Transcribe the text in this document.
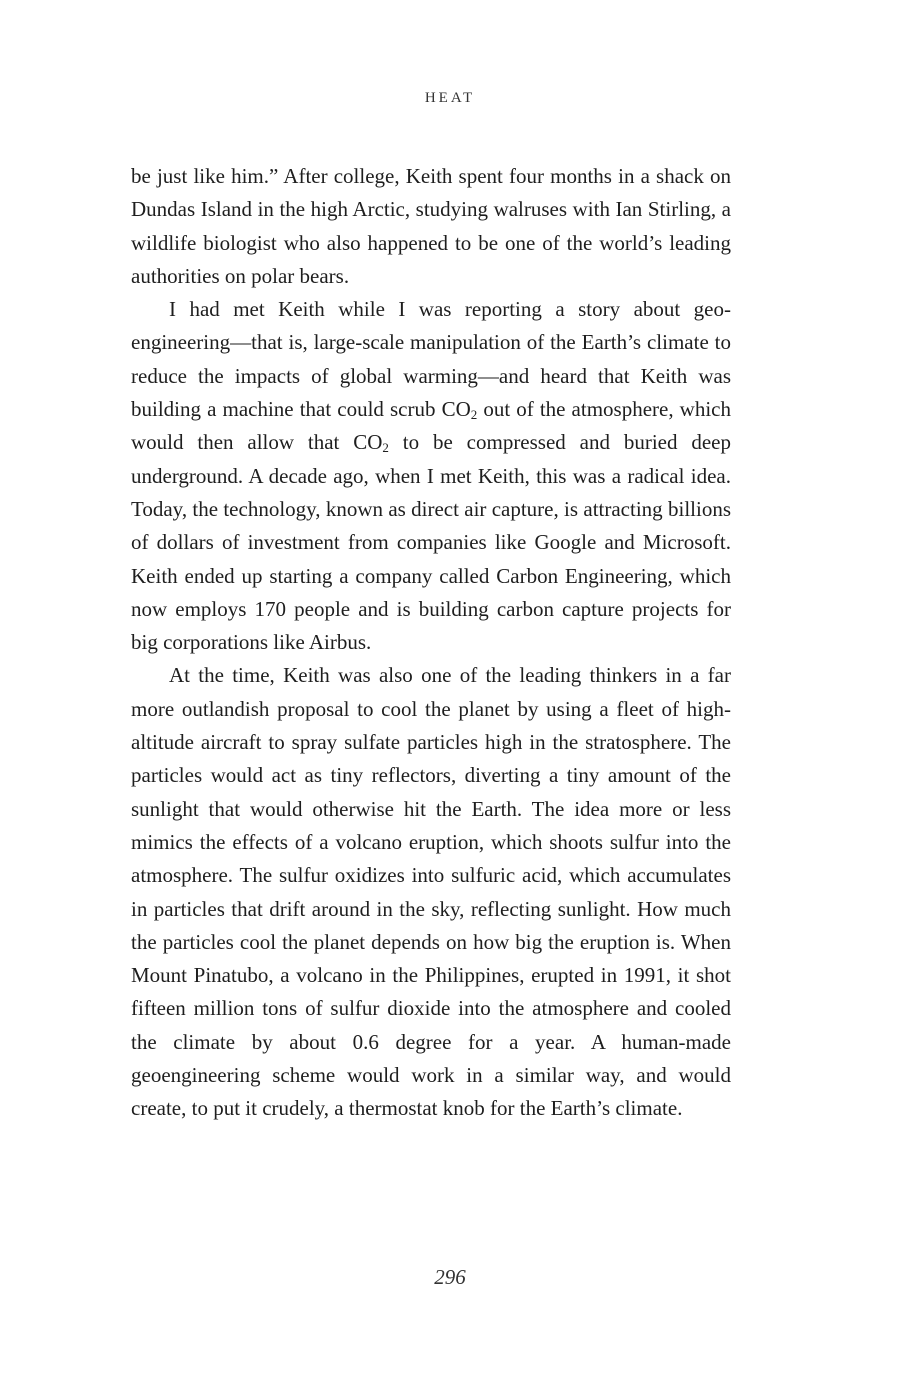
HEAT

be just like him.” After college, Keith spent four months in a shack on Dundas Island in the high Arctic, studying walruses with Ian Stirling, a wildlife biologist who also happened to be one of the world’s leading authorities on polar bears.

I had met Keith while I was reporting a story about geoengineering—that is, large-scale manipulation of the Earth’s climate to reduce the impacts of global warming—and heard that Keith was building a machine that could scrub $CO_2$ out of the atmosphere, which would then allow that $CO_2$ to be compressed and buried deep underground. A decade ago, when I met Keith, this was a radical idea. Today, the technology, known as direct air capture, is attracting billions of dollars of investment from companies like Google and Microsoft. Keith ended up starting a company called Carbon Engineering, which now employs 170 people and is building carbon capture projects for big corporations like Airbus.

At the time, Keith was also one of the leading thinkers in a far more outlandish proposal to cool the planet by using a fleet of high-altitude aircraft to spray sulfate particles high in the stratosphere. The particles would act as tiny reflectors, diverting a tiny amount of the sunlight that would otherwise hit the Earth. The idea more or less mimics the effects of a volcano eruption, which shoots sulfur into the atmosphere. The sulfur oxidizes into sulfuric acid, which accumulates in particles that drift around in the sky, reflecting sunlight. How much the particles cool the planet depends on how big the eruption is. When Mount Pinatubo, a volcano in the Philippines, erupted in 1991, it shot fifteen million tons of sulfur dioxide into the atmosphere and cooled the climate by about 0.6 degree for a year. A human-made geoengineering scheme would work in a similar way, and would create, to put it crudely, a thermostat knob for the Earth’s climate.

296
